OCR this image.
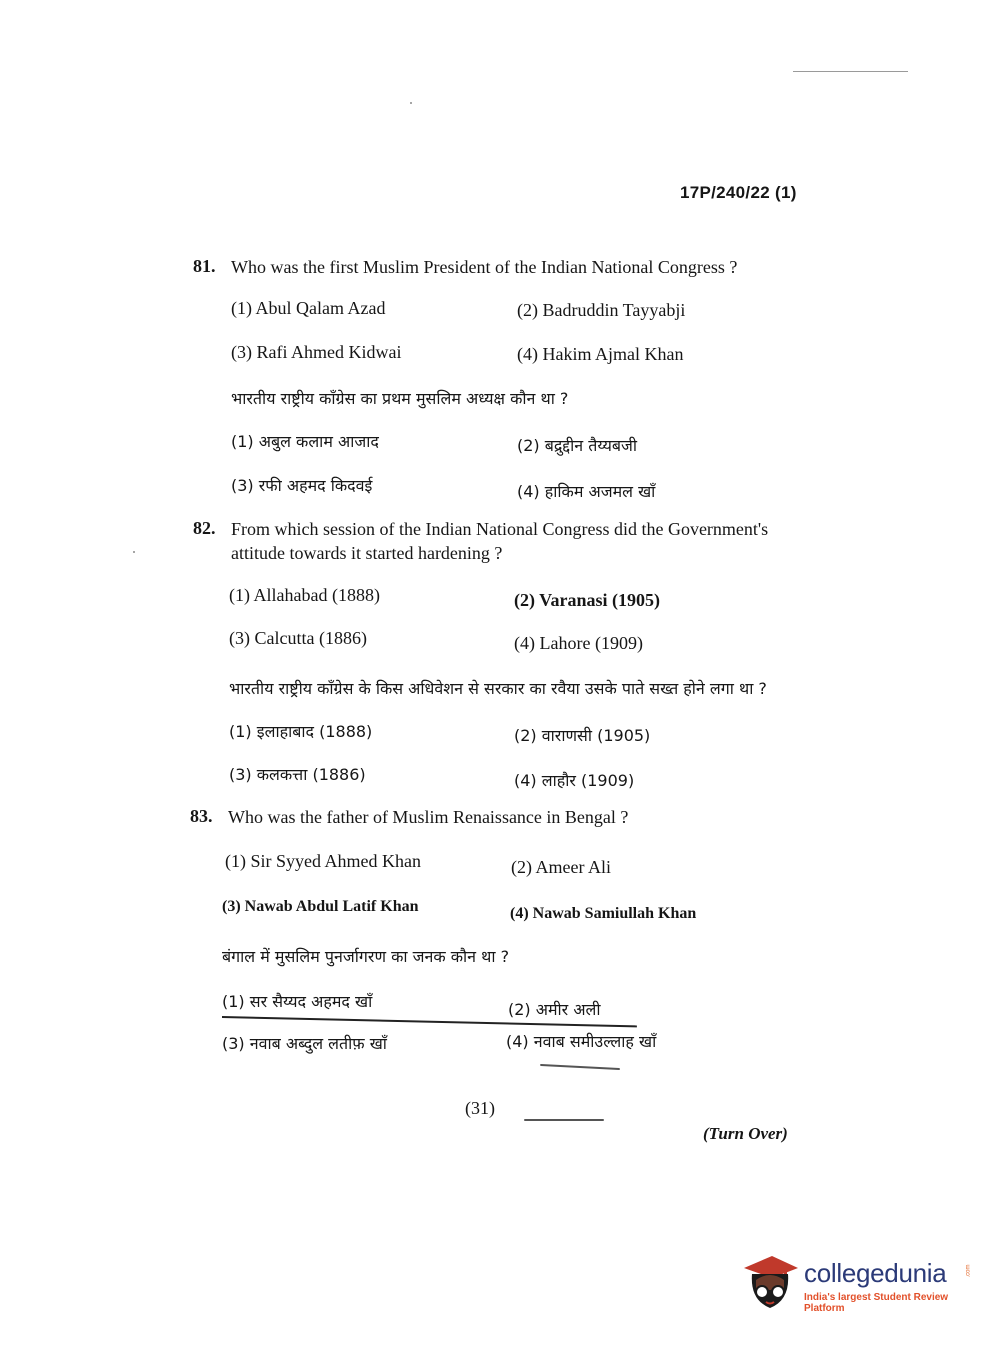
17P/240/22 (1)
81. Who was the first Muslim President of the Indian National Congress ?
(1) Abul Qalam Azad	(2) Badruddin Tayyabji
(3) Rafi Ahmed Kidwai	(4) Hakim Ajmal Khan
भारतीय राष्ट्रीय कॉंग्रेस का प्रथम मुसलिम अध्यक्ष कौन था ?
(1) अबुल कलाम आजाद	(2) बद्रुद्दीन तैय्यबजी
(3) रफी अहमद किदवई	(4) हाकिम अजमल खाँ
82. From which session of the Indian National Congress did the Government's
attitude towards it started hardening ?
(1) Allahabad (1888)	(2) Varanasi (1905)
(3) Calcutta (1886)	(4) Lahore (1909)
भारतीय राष्ट्रीय कॉंग्रेस के किस अधिवेशन से सरकार का रवैया उसके पाते सख्त होने लगा था ?
(1) इलाहाबाद (1888)	(2) वाराणसी (1905)
(3) कलकत्ता (1886)	(4) लाहौर (1909)
83. Who was the father of Muslim Renaissance in Bengal ?
(1) Sir Syyed Ahmed Khan	(2) Ameer Ali
(3) Nawab Abdul Latif Khan	(4) Nawab Samiullah Khan
बंगाल में मुसलिम पुनर्जागरण का जनक कौन था ?
(1) सर सैय्यद अहमद खाँ	(2) अमीर अली
(3) नवाब अब्दुल लतीफ़ खाँ	(4) नवाब समीउल्लाह खाँ
(31)
(Turn Over)
collegedunia	.com
India's largest Student Review Platform
